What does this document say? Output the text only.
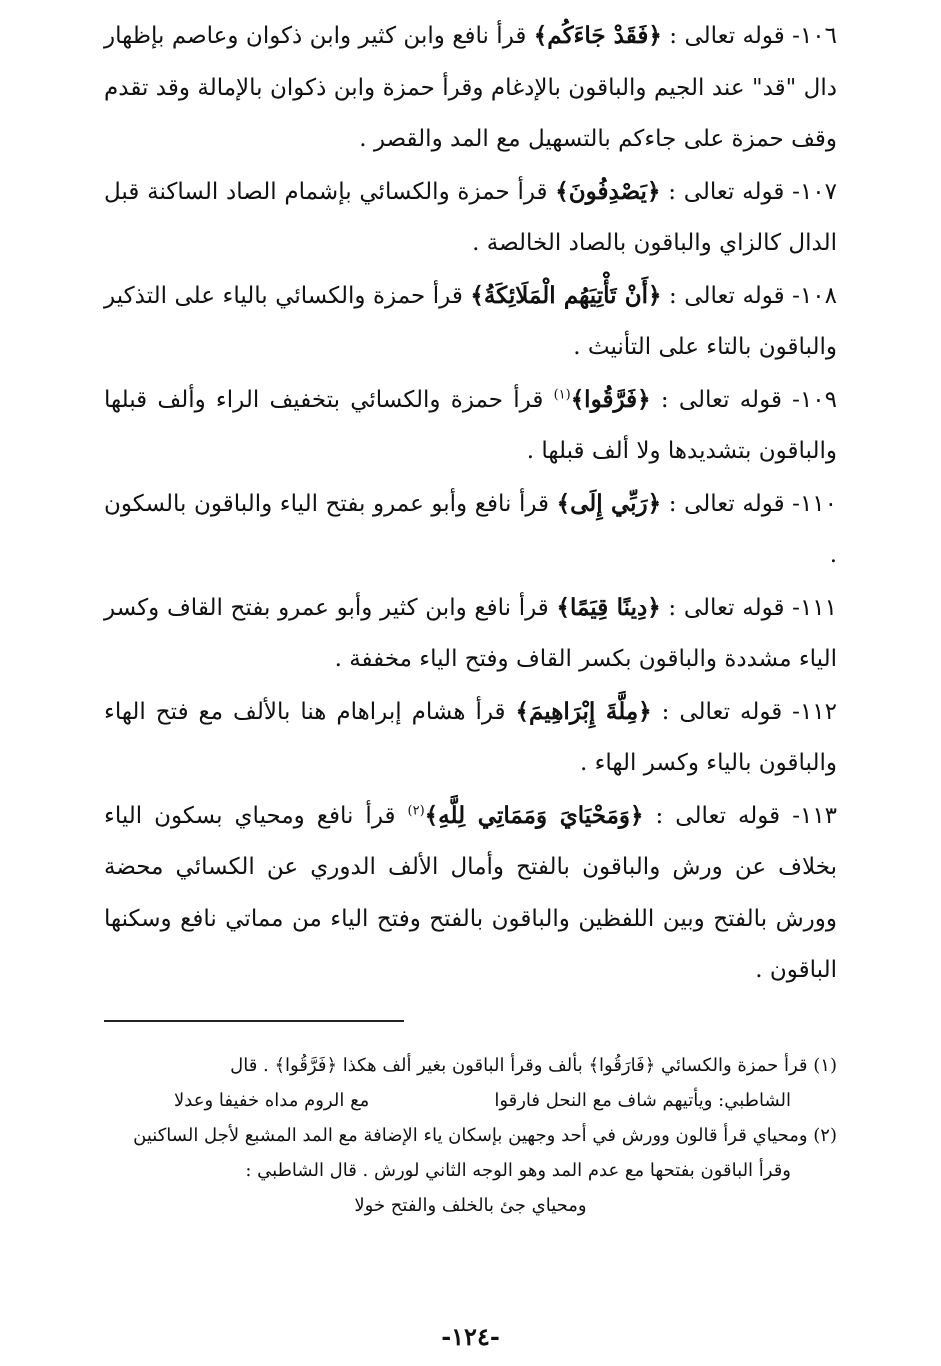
١٠٦- قوله تعالى : ﴿فَقَدْ جَاءَكُم﴾ قرأ نافع وابن كثير وابن ذكوان وعاصم بإظهار دال "قد" عند الجيم والباقون بالإدغام وقرأ حمزة وابن ذكوان بالإمالة وقد تقدم وقف حمزة على جاءكم بالتسهيل مع المد والقصر .

١٠٧- قوله تعالى : ﴿يَصْدِفُونَ﴾ قرأ حمزة والكسائي بإشمام الصاد الساكنة قبل الدال كالزاي والباقون بالصاد الخالصة .

١٠٨- قوله تعالى : ﴿أَنْ تَأْتِيَهُم الْمَلَائِكَةُ﴾ قرأ حمزة والكسائي بالياء على التذكير والباقون بالتاء على التأنيث .

١٠٩- قوله تعالى : ﴿فَرَّقُوا﴾$^{(١)}$ قرأ حمزة والكسائي بتخفيف الراء وألف قبلها والباقون بتشديدها ولا ألف قبلها .

١١٠- قوله تعالى : ﴿رَبِّي إِلَى﴾ قرأ نافع وأبو عمرو بفتح الياء والباقون بالسكون .

١١١- قوله تعالى : ﴿دِينًا قِيَمًا﴾ قرأ نافع وابن كثير وأبو عمرو بفتح القاف وكسر الياء مشددة والباقون بكسر القاف وفتح الياء مخففة .

١١٢- قوله تعالى : ﴿مِلَّةَ إِبْرَاهِيمَ﴾ قرأ هشام إبراهام هنا بالألف مع فتح الهاء والباقون بالياء وكسر الهاء .

١١٣- قوله تعالى : ﴿وَمَحْيَايَ وَمَمَاتِي لِلَّهِ﴾$^{(٢)}$ قرأ نافع ومحياي بسكون الياء بخلاف عن ورش والباقون بالفتح وأمال الألف الدوري عن الكسائي محضة وورش بالفتح وبين اللفظين والباقون بالفتح وفتح الياء من مماتي نافع وسكنها الباقون .

(١) قرأ حمزة والكسائي ﴿فَارَقُوا﴾ بألف وقرأ الباقون بغير ألف هكذا ﴿فَرَّقُوا﴾ . قال

الشاطبي: ويأتيهم شاف مع النحل فارقوا
مع الروم مداه خفيفا وعدلا

(٢) ومحياي قرأ قالون وورش في أحد وجهين بإسكان ياء الإضافة مع المد المشبع لأجل الساكنين

وقرأ الباقون بفتحها مع عدم المد وهو الوجه الثاني لورش . قال الشاطبي :

ومحياي جئ بالخلف والفتح خولا

-١٢٤-
